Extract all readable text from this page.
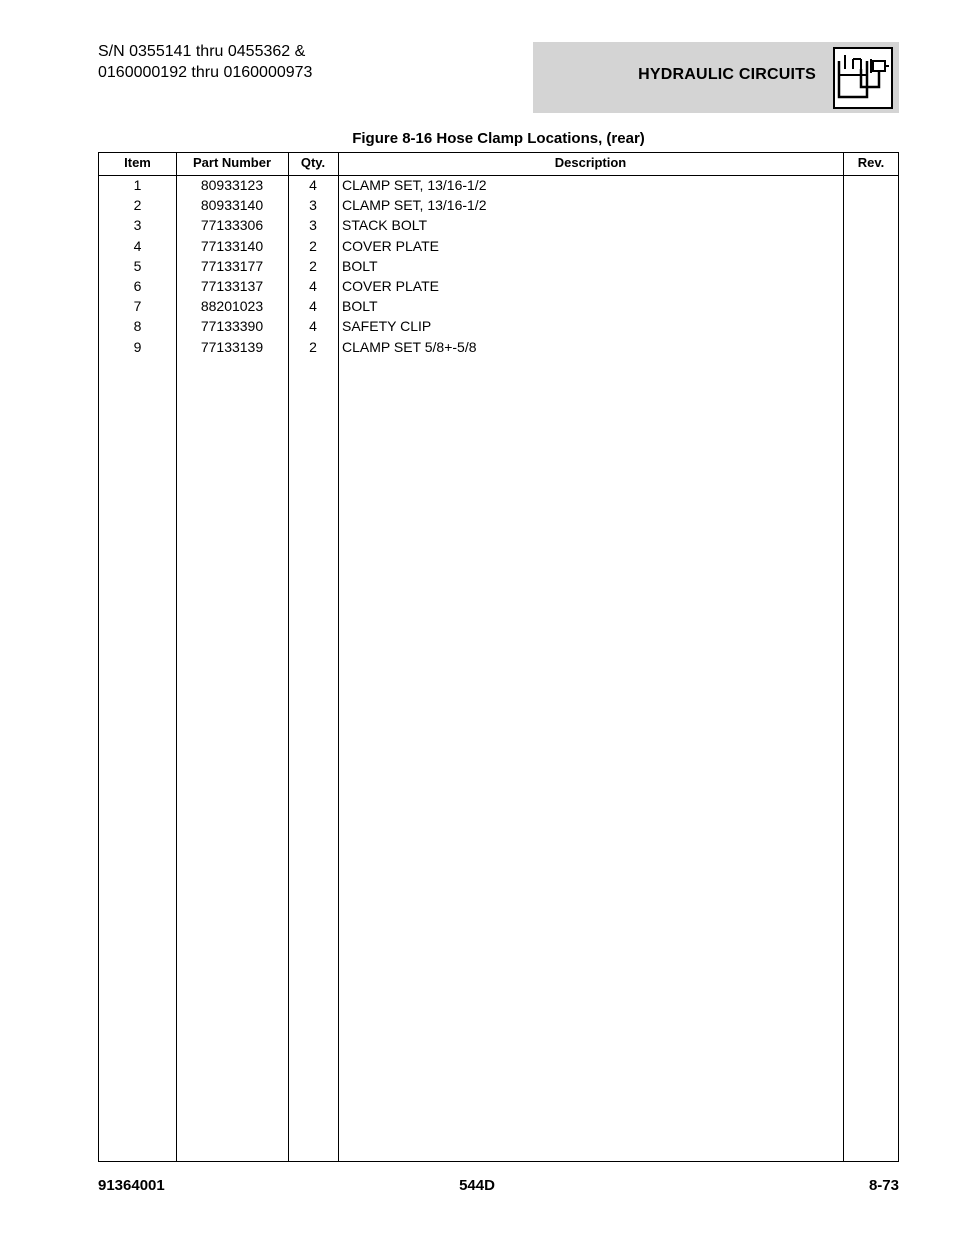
S/N 0355141 thru 0455362 &
0160000192 thru 0160000973	HYDRAULIC CIRCUITS
Figure 8-16 Hose Clamp Locations, (rear)
Item	Part Number	Qty.	Description	Rev.
1	80933123	4	CLAMP SET, 13/16-1/2
2	80933140	3	CLAMP SET, 13/16-1/2
3	77133306	3	STACK BOLT
4	77133140	2	COVER PLATE
5	77133177	2	BOLT
6	77133137	4	COVER PLATE
7	88201023	4	BOLT
8	77133390	4	SAFETY CLIP
9	77133139	2	CLAMP SET 5/8+-5/8
91364001	544D	8-73
